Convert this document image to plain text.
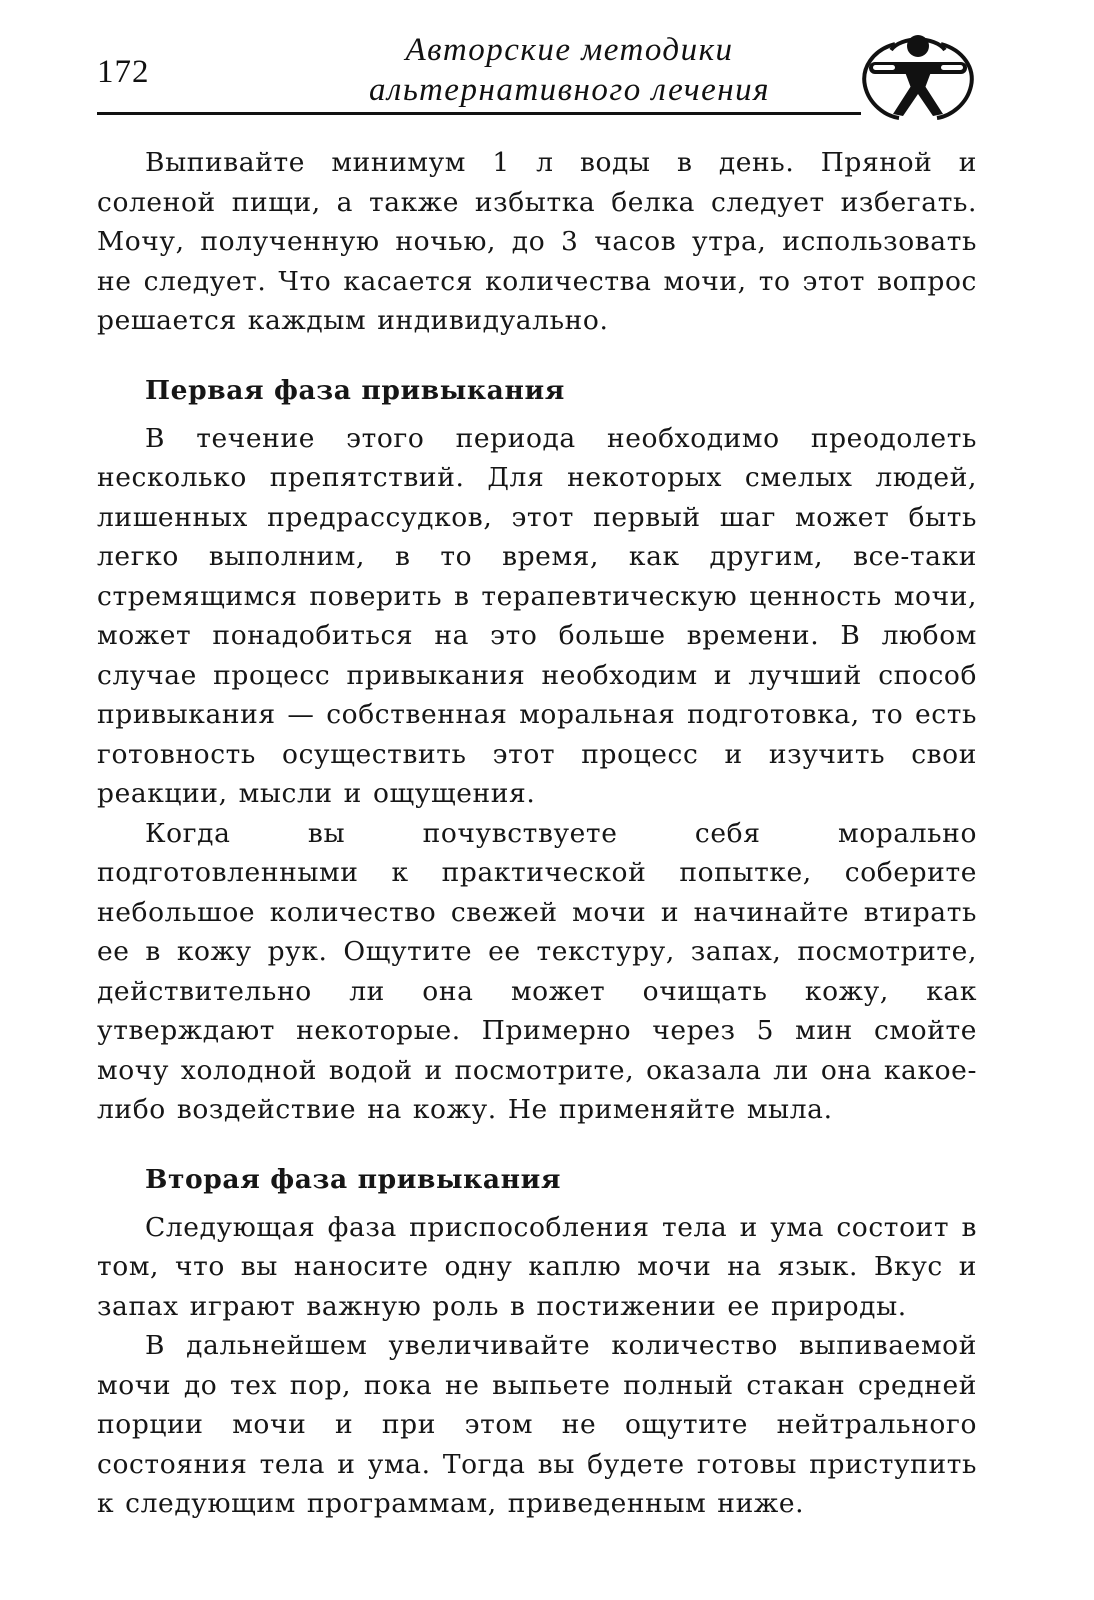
172
Авторские методики
альтернативного лечения

Выпивайте минимум 1 л воды в день. Пряной и соленой пищи, а также избытка белка следует избегать. Мочу, полученную ночью, до 3 часов утра, использовать не следует. Что касается количества мочи, то этот вопрос решается каждым индивидуально.

Первая фаза привыкания

В течение этого периода необходимо преодолеть несколько препятствий. Для некоторых смелых людей, лишенных предрассудков, этот первый шаг может быть легко выполним, в то время, как другим, все-таки стремящимся поверить в терапевтическую ценность мочи, может понадобиться на это больше времени. В любом случае процесс привыкания необходим и лучший способ привыкания — собственная моральная подготовка, то есть готовность осуществить этот процесс и изучить свои реакции, мысли и ощущения.

Когда вы почувствуете себя морально подготовленными к практической попытке, соберите небольшое количество свежей мочи и начинайте втирать ее в кожу рук. Ощутите ее текстуру, запах, посмотрите, действительно ли она может очищать кожу, как утверждают некоторые. Примерно через 5 мин смойте мочу холодной водой и посмотрите, оказала ли она какое-либо воздействие на кожу. Не применяйте мыла.

Вторая фаза привыкания

Следующая фаза приспособления тела и ума состоит в том, что вы наносите одну каплю мочи на язык. Вкус и запах играют важную роль в постижении ее природы.

В дальнейшем увеличивайте количество выпиваемой мочи до тех пор, пока не выпьете полный стакан средней порции мочи и при этом не ощутите нейтрального состояния тела и ума. Тогда вы будете готовы приступить к следующим программам, приведенным ниже.
